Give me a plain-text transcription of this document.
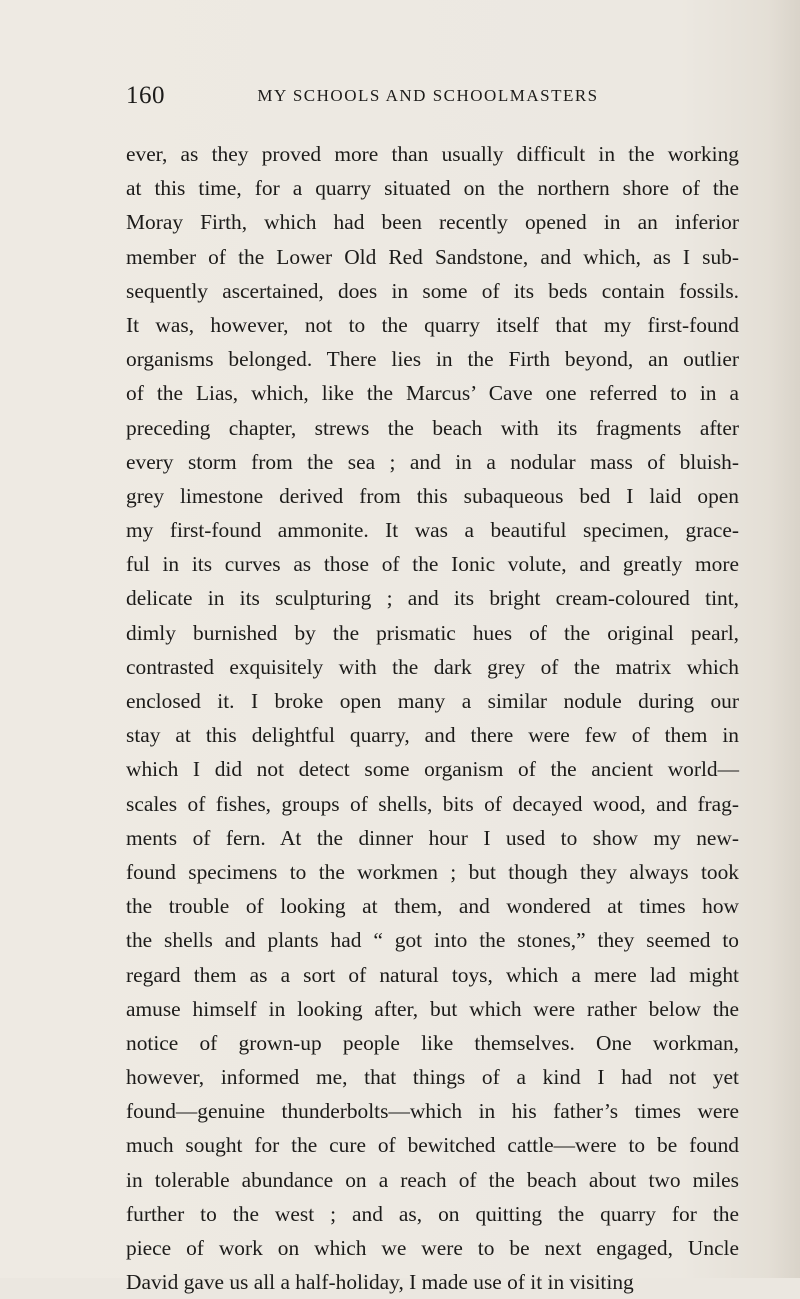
160	MY SCHOOLS AND SCHOOLMASTERS
ever, as they proved more than usually difficult in the working
at this time, for a quarry situated on the northern shore of the
Moray Firth, which had been recently opened in an inferior
member of the Lower Old Red Sandstone, and which, as I sub-
sequently ascertained, does in some of its beds contain fossils.
It was, however, not to the quarry itself that my first-found
organisms belonged. There lies in the Firth beyond, an outlier
of the Lias, which, like the Marcus’ Cave one referred to in a
preceding chapter, strews the beach with its fragments after
every storm from the sea ; and in a nodular mass of bluish-
grey limestone derived from this subaqueous bed I laid open
my first-found ammonite. It was a beautiful specimen, grace-
ful in its curves as those of the Ionic volute, and greatly more
delicate in its sculpturing ; and its bright cream-coloured tint,
dimly burnished by the prismatic hues of the original pearl,
contrasted exquisitely with the dark grey of the matrix which
enclosed it. I broke open many a similar nodule during our
stay at this delightful quarry, and there were few of them in
which I did not detect some organism of the ancient world—
scales of fishes, groups of shells, bits of decayed wood, and frag-
ments of fern. At the dinner hour I used to show my new-
found specimens to the workmen ; but though they always took
the trouble of looking at them, and wondered at times how
the shells and plants had “ got into the stones,” they seemed to
regard them as a sort of natural toys, which a mere lad might
amuse himself in looking after, but which were rather below the
notice of grown-up people like themselves. One workman,
however, informed me, that things of a kind I had not yet
found—genuine thunderbolts—which in his father’s times were
much sought for the cure of bewitched cattle—were to be found
in tolerable abundance on a reach of the beach about two miles
further to the west ; and as, on quitting the quarry for the
piece of work on which we were to be next engaged, Uncle
David gave us all a half-holiday, I made use of it in visiting
